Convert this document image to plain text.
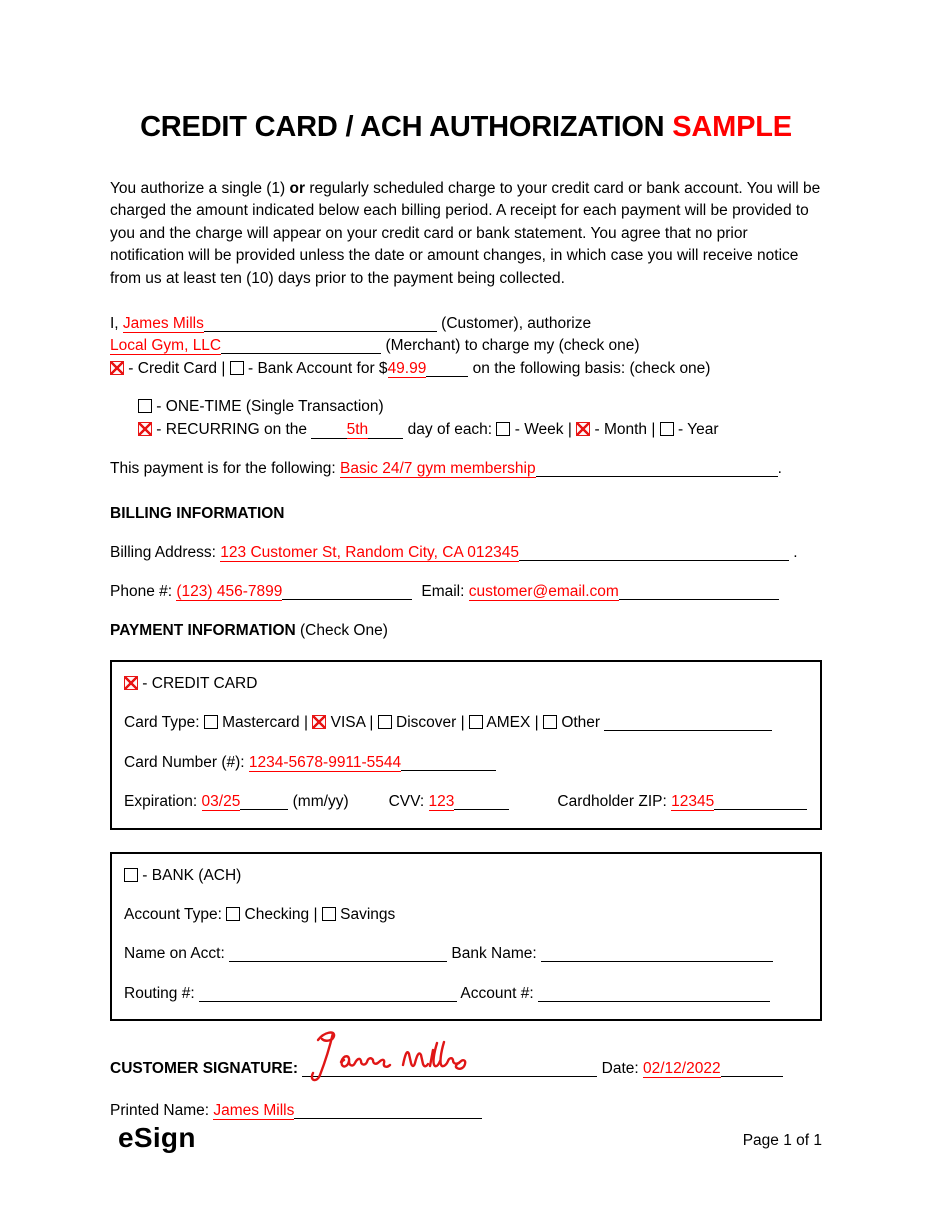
CREDIT CARD / ACH AUTHORIZATION SAMPLE

You authorize a single (1) or regularly scheduled charge to your credit card or bank account. You will be charged the amount indicated below each billing period. A receipt for each payment will be provided to you and the charge will appear on your credit card or bank statement. You agree that no prior notification will be provided unless the date or amount changes, in which case you will receive notice from us at least ten (10) days prior to the payment being collected.

I, James Mills	(Customer), authorize
Local Gym, LLC	(Merchant) to charge my (check one)
- Credit Card |  - Bank Account for $49.99	on the following basis: (check one)
- ONE-TIME (Single Transaction)
- RECURRING on the 5th day of each:  - Week |  - Month |  - Year
This payment is for the following: Basic 24/7 gym membership	.
BILLING INFORMATION
Billing Address: 123 Customer St, Random City, CA 012345	.
Phone #: (123) 456-7899	Email: customer@email.com
PAYMENT INFORMATION (Check One)
- CREDIT CARD
Card Type:  Mastercard |  VISA |  Discover |  AMEX |  Other
Card Number (#): 1234-5678-9911-5544
Expiration: 03/25	(mm/yy)	CVV: 123	Cardholder ZIP: 12345
- BANK (ACH)
Account Type:  Checking |  Savings
Name on Acct:	Bank Name:
Routing #:	Account #:
CUSTOMER SIGNATURE:	Date: 02/12/2022
Printed Name: James Mills
eSign	Page 1 of 1
